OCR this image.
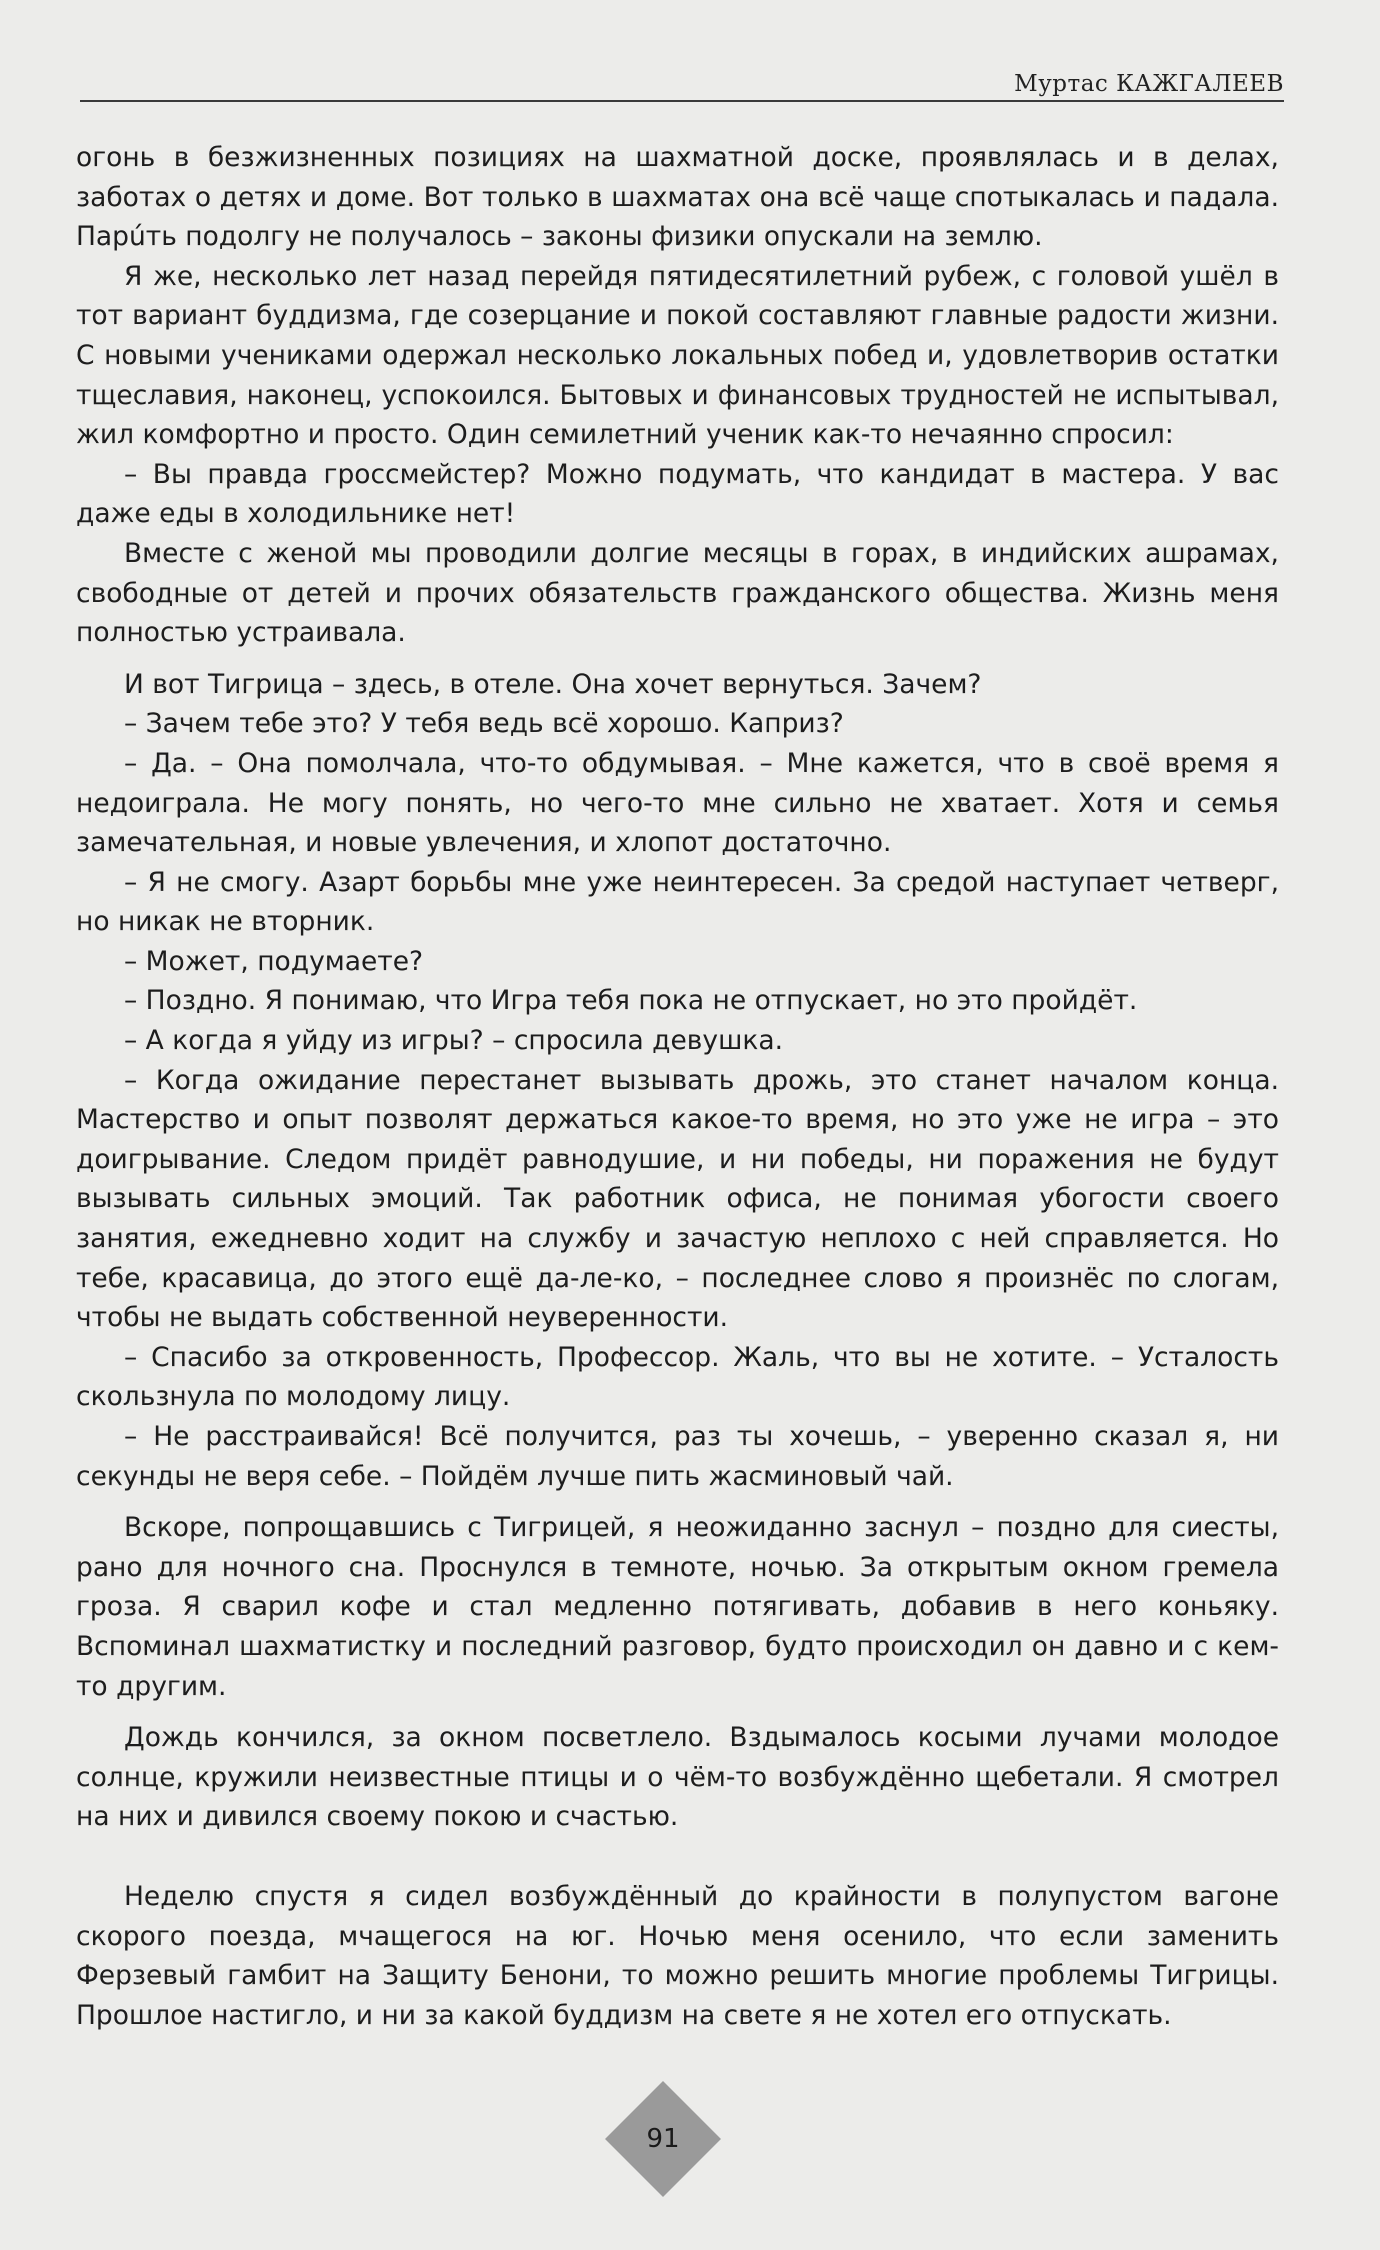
Муртас КАЖГАЛЕЕВ

огонь в безжизненных позициях на шахматной доске, проявлялась и в делах, заботах о детях и доме. Вот только в шахматах она всё чаще спотыкалась и падала. Парúть подолгу не получалось – законы физики опускали на землю.

Я же, несколько лет назад перейдя пятидесятилетний рубеж, с головой ушёл в тот вариант буддизма, где созерцание и покой составляют главные радости жизни. С новыми учениками одержал несколько локальных побед и, удовлетворив остатки тщеславия, наконец, успокоился. Бытовых и финансовых трудностей не испытывал, жил комфортно и просто. Один семилетний ученик как-то нечаянно спросил:

– Вы правда гроссмейстер? Можно подумать, что кандидат в мастера. У вас даже еды в холодильнике нет!

Вместе с женой мы проводили долгие месяцы в горах, в индийских ашрамах, свободные от детей и прочих обязательств гражданского общества. Жизнь меня полностью устраивала.

И вот Тигрица – здесь, в отеле. Она хочет вернуться. Зачем?

– Зачем тебе это? У тебя ведь всё хорошо. Каприз?

– Да. – Она помолчала, что-то обдумывая. – Мне кажется, что в своё время я недоиграла. Не могу понять, но чего-то мне сильно не хватает. Хотя и семья замечательная, и новые увлечения, и хлопот достаточно.

– Я не смогу. Азарт борьбы мне уже неинтересен. За средой наступает четверг, но никак не вторник.

– Может, подумаете?

– Поздно. Я понимаю, что Игра тебя пока не отпускает, но это пройдёт.

– А когда я уйду из игры? – спросила девушка.

– Когда ожидание перестанет вызывать дрожь, это станет началом конца. Мастерство и опыт позволят держаться какое-то время, но это уже не игра – это доигрывание. Следом придёт равнодушие, и ни победы, ни поражения не будут вызывать сильных эмоций. Так работник офиса, не понимая убогости своего занятия, ежедневно ходит на службу и зачастую неплохо с ней справляется. Но тебе, красавица, до этого ещё да-ле-ко, – последнее слово я произнёс по слогам, чтобы не выдать собственной неуверенности.

– Спасибо за откровенность, Профессор. Жаль, что вы не хотите. – Усталость скользнула по молодому лицу.

– Не расстраивайся! Всё получится, раз ты хочешь, – уверенно сказал я, ни секунды не веря себе. – Пойдём лучше пить жасминовый чай.

Вскоре, попрощавшись с Тигрицей, я неожиданно заснул – поздно для сиесты, рано для ночного сна. Проснулся в темноте, ночью. За открытым окном гремела гроза. Я сварил кофе и стал медленно потягивать, добавив в него коньяку. Вспоминал шахматистку и последний разговор, будто происходил он давно и с кем-то другим.

Дождь кончился, за окном посветлело. Вздымалось косыми лучами молодое солнце, кружили неизвестные птицы и о чём-то возбуждённо щебетали. Я смотрел на них и дивился своему покою и счастью.

Неделю спустя я сидел возбуждённый до крайности в полупустом вагоне скорого поезда, мчащегося на юг. Ночью меня осенило, что если заменить Ферзевый гамбит на Защиту Бенони, то можно решить многие проблемы Тигрицы. Прошлое настигло, и ни за какой буддизм на свете я не хотел его отпускать.

91
